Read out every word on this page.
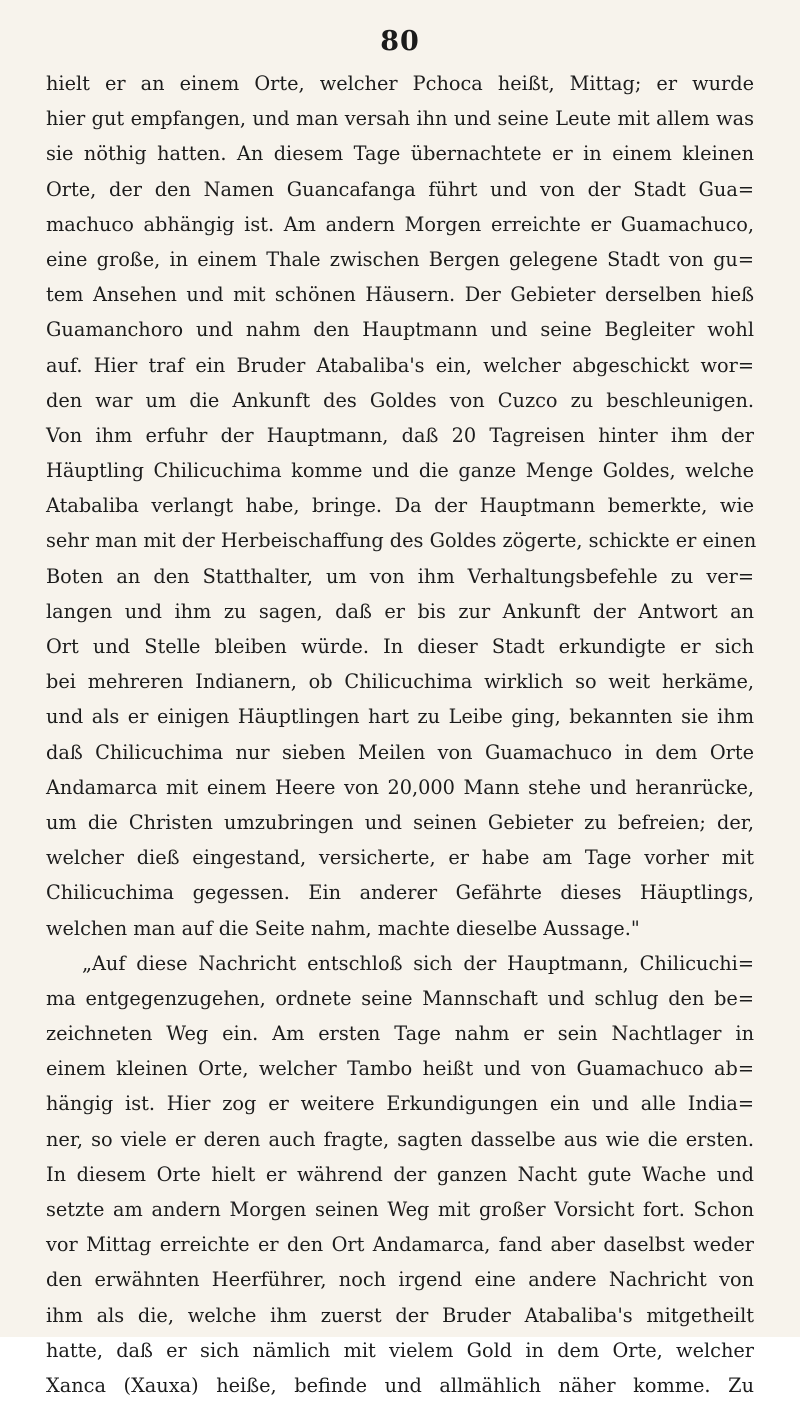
80
hielt er an einem Orte, welcher Pchoca heißt, Mittag; er wurde
hier gut empfangen, und man versah ihn und seine Leute mit allem was
sie nöthig hatten. An diesem Tage übernachtete er in einem kleinen
Orte, der den Namen Guancafanga führt und von der Stadt Gua=
machuco abhängig ist. Am andern Morgen erreichte er Guamachuco,
eine große, in einem Thale zwischen Bergen gelegene Stadt von gu=
tem Ansehen und mit schönen Häusern. Der Gebieter derselben hieß
Guamanchoro und nahm den Hauptmann und seine Begleiter wohl
auf. Hier traf ein Bruder Atabaliba's ein, welcher abgeschickt wor=
den war um die Ankunft des Goldes von Cuzco zu beschleunigen.
Von ihm erfuhr der Hauptmann, daß 20 Tagreisen hinter ihm der
Häuptling Chilicuchima komme und die ganze Menge Goldes, welche
Atabaliba verlangt habe, bringe. Da der Hauptmann bemerkte, wie
sehr man mit der Herbeischaffung des Goldes zögerte, schickte er einen
Boten an den Statthalter, um von ihm Verhaltungsbefehle zu ver=
langen und ihm zu sagen, daß er bis zur Ankunft der Antwort an
Ort und Stelle bleiben würde. In dieser Stadt erkundigte er sich
bei mehreren Indianern, ob Chilicuchima wirklich so weit herkäme,
und als er einigen Häuptlingen hart zu Leibe ging, bekannten sie ihm
daß Chilicuchima nur sieben Meilen von Guamachuco in dem Orte
Andamarca mit einem Heere von 20,000 Mann stehe und heranrücke,
um die Christen umzubringen und seinen Gebieter zu befreien; der,
welcher dieß eingestand, versicherte, er habe am Tage vorher mit
Chilicuchima gegessen. Ein anderer Gefährte dieses Häuptlings,
welchen man auf die Seite nahm, machte dieselbe Aussage."
„Auf diese Nachricht entschloß sich der Hauptmann, Chilicuchi=
ma entgegenzugehen, ordnete seine Mannschaft und schlug den be=
zeichneten Weg ein. Am ersten Tage nahm er sein Nachtlager in
einem kleinen Orte, welcher Tambo heißt und von Guamachuco ab=
hängig ist. Hier zog er weitere Erkundigungen ein und alle Indiа=
ner, so viele er deren auch fragte, sagten dasselbe aus wie die ersten.
In diesem Orte hielt er während der ganzen Nacht gute Wache und
setzte am andern Morgen seinen Weg mit großer Vorsicht fort. Schon
vor Mittag erreichte er den Ort Andamarca, fand aber daselbst weder
den erwähnten Heerführer, noch irgend eine andere Nachricht von
ihm als die, welche ihm zuerst der Bruder Atabaliba's mitgetheilt
hatte, daß er sich nämlich mit vielem Gold in dem Orte, welcher
Xanca (Xauxa) heiße, befinde und allmählich näher komme. Zu
